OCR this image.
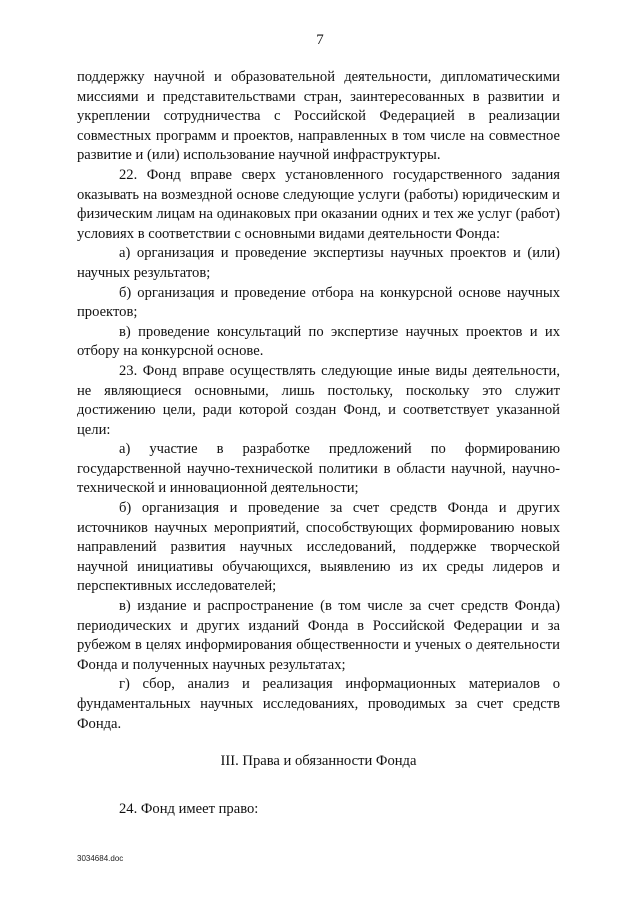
7

поддержку научной и образовательной деятельности, дипломатическими миссиями и представительствами стран, заинтересованных в развитии и укреплении сотрудничества с Российской Федерацией в реализации совместных программ и проектов, направленных в том числе на совместное развитие и (или) использование научной инфраструктуры.

22. Фонд вправе сверх установленного государственного задания оказывать на возмездной основе следующие услуги (работы) юридическим и физическим лицам на одинаковых при оказании одних и тех же услуг (работ) условиях в соответствии с основными видами деятельности Фонда:

а) организация и проведение экспертизы научных проектов и (или) научных результатов;

б) организация и проведение отбора на конкурсной основе научных проектов;

в) проведение консультаций по экспертизе научных проектов и их отбору на конкурсной основе.

23. Фонд вправе осуществлять следующие иные виды деятельности, не являющиеся основными, лишь постольку, поскольку это служит достижению цели, ради которой создан Фонд, и соответствует указанной цели:

а) участие в разработке предложений по формированию государственной научно-технической политики в области научной, научно-технической и инновационной деятельности;

б) организация и проведение за счет средств Фонда и других источников научных мероприятий, способствующих формированию новых направлений развития научных исследований, поддержке творческой научной инициативы обучающихся, выявлению из их среды лидеров и перспективных исследователей;

в) издание и распространение (в том числе за счет средств Фонда) периодических и других изданий Фонда в Российской Федерации и за рубежом в целях информирования общественности и ученых о деятельности Фонда и полученных научных результатах;

г) сбор, анализ и реализация информационных материалов о фундаментальных научных исследованиях, проводимых за счет средств Фонда.

III. Права и обязанности Фонда

24. Фонд имеет право:

3034684.doc
